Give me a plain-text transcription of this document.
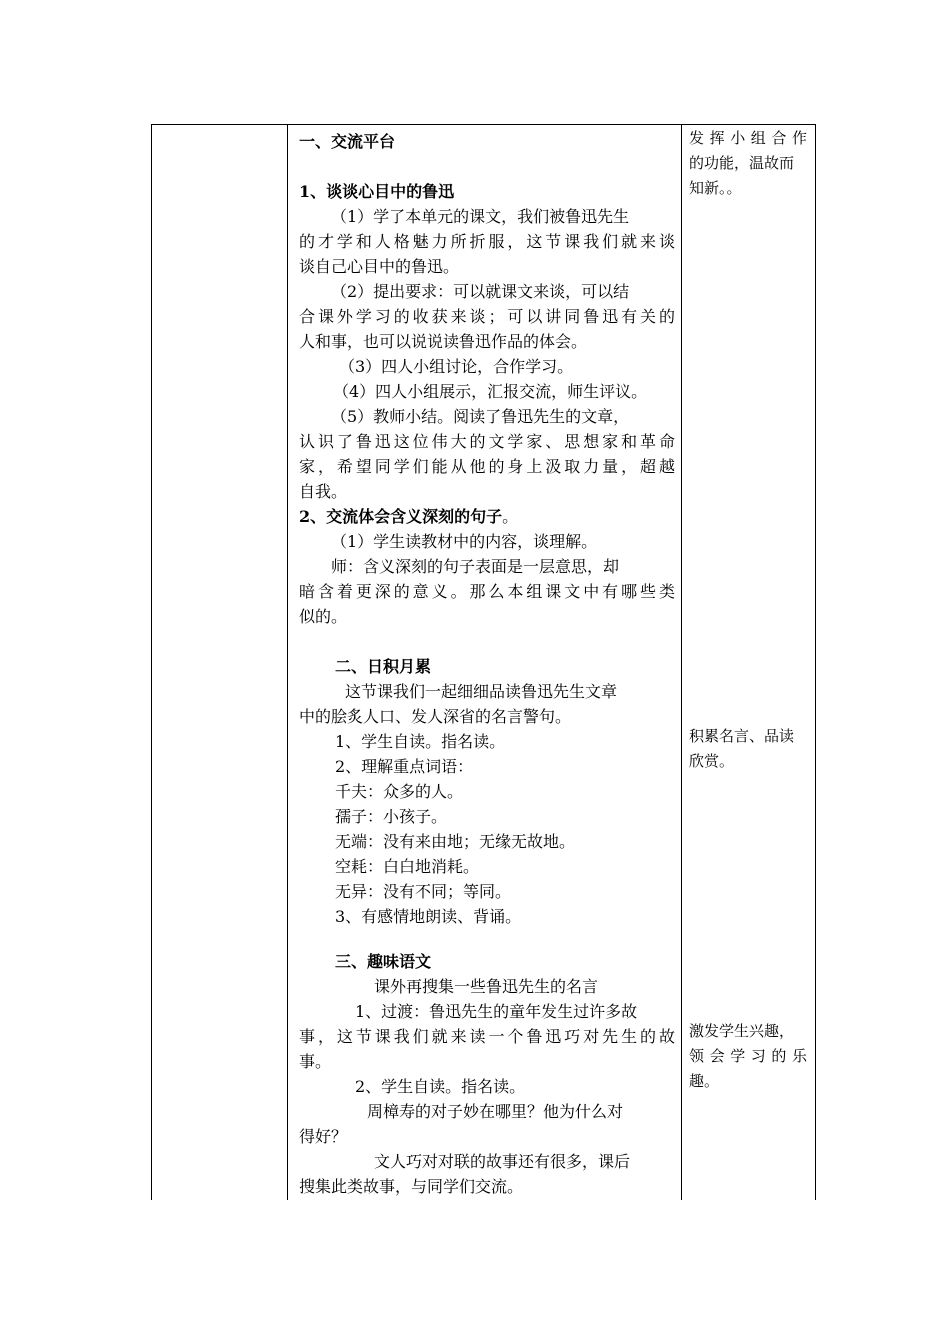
一、交流平台
1、谈谈心目中的鲁迅
（1）学了本单元的课文，我们被鲁迅先生
的才学和人格魅力所折服，这节课我们就来谈
谈自己心目中的鲁迅。
（2）提出要求：可以就课文来谈，可以结
合课外学习的收获来谈；可以讲同鲁迅有关的
人和事，也可以说说读鲁迅作品的体会。
（3）四人小组讨论，合作学习。
（4）四人小组展示，汇报交流，师生评议。
（5）教师小结。阅读了鲁迅先生的文章，
认识了鲁迅这位伟大的文学家、思想家和革命
家，希望同学们能从他的身上汲取力量，超越
自我。
2、交流体会含义深刻的句子。
（1）学生读教材中的内容，谈理解。
师：含义深刻的句子表面是一层意思，却
暗含着更深的意义。那么本组课文中有哪些类
似的。
二、日积月累
这节课我们一起细细品读鲁迅先生文章
中的脍炙人口、发人深省的名言警句。
1、学生自读。指名读。
2、理解重点词语：
千夫：众多的人。
孺子：小孩子。
无端：没有来由地；无缘无故地。
空耗：白白地消耗。
无异：没有不同；等同。
3、有感情地朗读、背诵。
三、趣味语文
课外再搜集一些鲁迅先生的名言
1、过渡：鲁迅先生的童年发生过许多故
事，这节课我们就来读一个鲁迅巧对先生的故
事。
2、学生自读。指名读。
周樟寿的对子妙在哪里？他为什么对
得好？
文人巧对对联的故事还有很多，课后
搜集此类故事，与同学们交流。
发挥小组合作
的功能，温故而
知新。。
积累名言、品读
欣赏。
激发学生兴趣，
领会学习的乐
趣。
